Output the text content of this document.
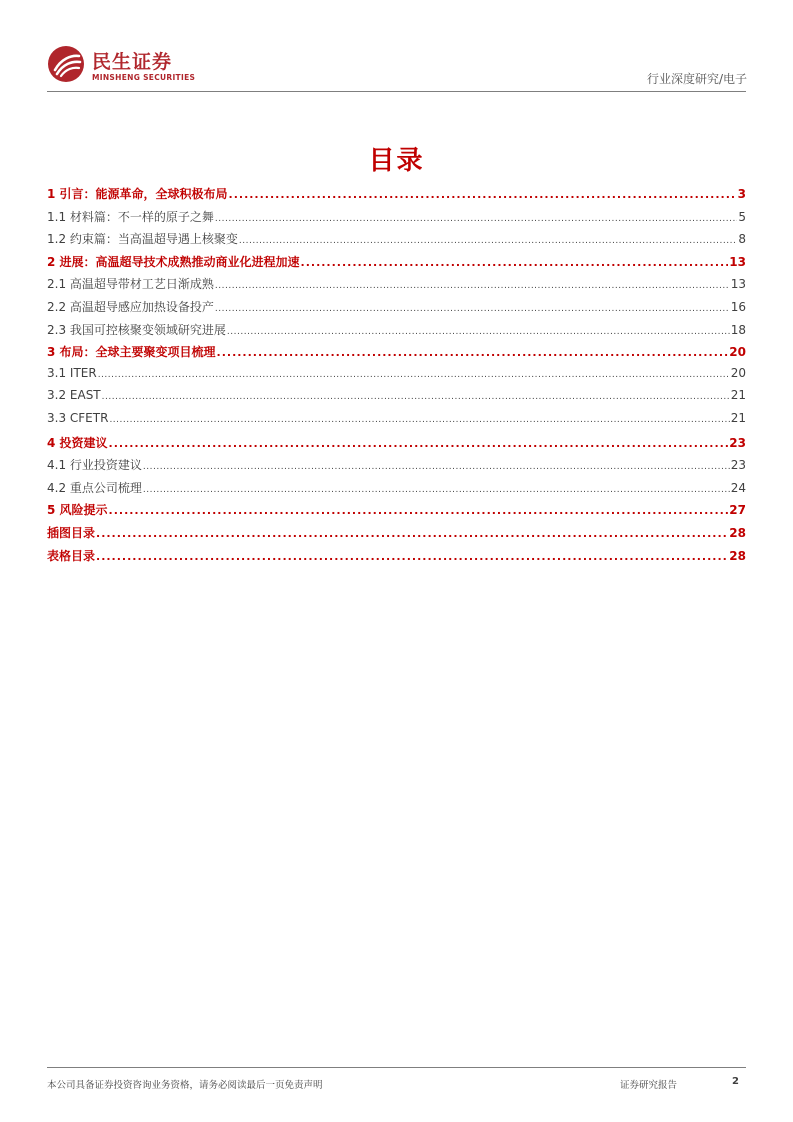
民生证券
MINSHENG SECURITIES	行业深度研究/电子
目录
1 引言：能源革命，全球积极布局 .....	3
1.1 材料篇：不一样的原子之舞 .....	5
1.2 约束篇：当高温超导遇上核聚变 .....	8
2 进展：高温超导技术成熟推动商业化进程加速 .....	13
2.1 高温超导带材工艺日渐成熟 .....	13
2.2 高温超导感应加热设备投产 .....	16
2.3 我国可控核聚变领域研究进展 .....	18
3 布局：全球主要聚变项目梳理 .....	20
3.1 ITER .....	20
3.2 EAST .....	21
3.3 CFETR .....	21
4 投资建议 .....	23
4.1 行业投资建议 .....	23
4.2 重点公司梳理 .....	24
5 风险提示 .....	27
插图目录 .....	28
表格目录 .....	28
本公司具备证券投资咨询业务资格，请务必阅读最后一页免责声明	证券研究报告	2
